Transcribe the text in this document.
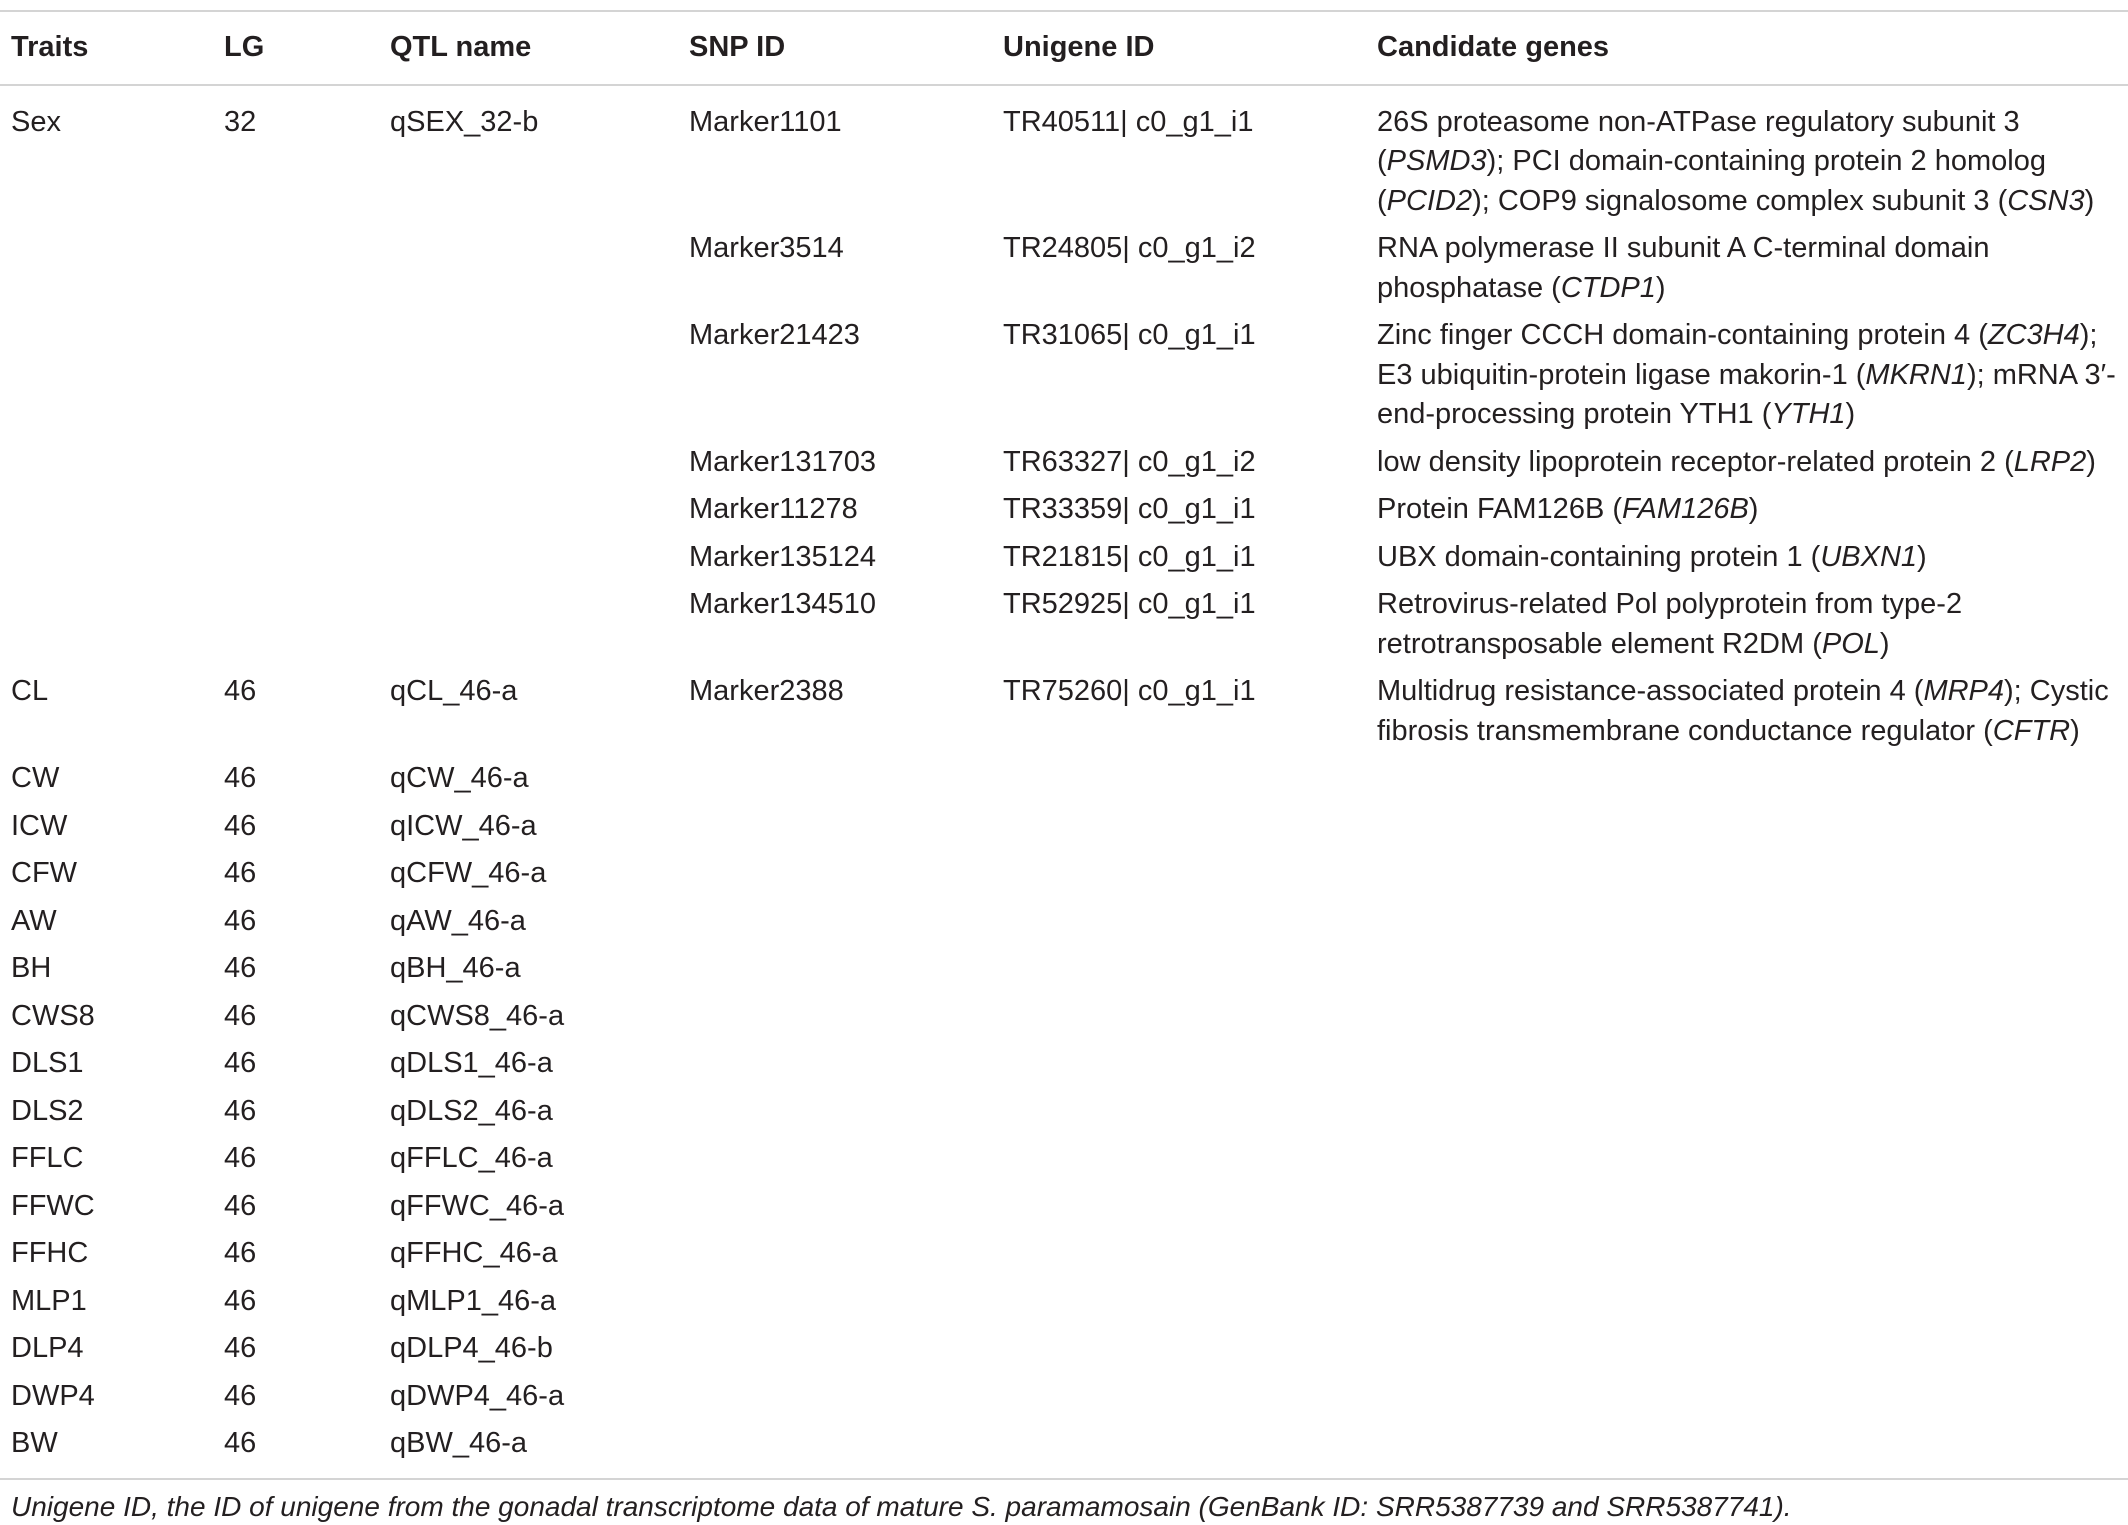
Traits	LG	QTL name	SNP ID	Unigene ID	Candidate genes
Sex	32	qSEX_32-b	Marker1101	TR40511| c0_g1_i1	26S proteasome non-ATPase regulatory subunit 3 (PSMD3); PCI domain-containing protein 2 homolog (PCID2); COP9 signalosome complex subunit 3 (CSN3)
			Marker3514	TR24805| c0_g1_i2	RNA polymerase II subunit A C-terminal domain phosphatase (CTDP1)
			Marker21423	TR31065| c0_g1_i1	Zinc finger CCCH domain-containing protein 4 (ZC3H4); E3 ubiquitin-protein ligase makorin-1 (MKRN1); mRNA 3′-end-processing protein YTH1 (YTH1)
			Marker131703	TR63327| c0_g1_i2	low density lipoprotein receptor-related protein 2 (LRP2)
			Marker11278	TR33359| c0_g1_i1	Protein FAM126B (FAM126B)
			Marker135124	TR21815| c0_g1_i1	UBX domain-containing protein 1 (UBXN1)
			Marker134510	TR52925| c0_g1_i1	Retrovirus-related Pol polyprotein from type-2 retrotransposable element R2DM (POL)
CL	46	qCL_46-a	Marker2388	TR75260| c0_g1_i1	Multidrug resistance-associated protein 4 (MRP4); Cystic fibrosis transmembrane conductance regulator (CFTR)
CW	46	qCW_46-a			
ICW	46	qICW_46-a			
CFW	46	qCFW_46-a			
AW	46	qAW_46-a			
BH	46	qBH_46-a			
CWS8	46	qCWS8_46-a			
DLS1	46	qDLS1_46-a			
DLS2	46	qDLS2_46-a			
FFLC	46	qFFLC_46-a			
FFWC	46	qFFWC_46-a			
FFHC	46	qFFHC_46-a			
MLP1	46	qMLP1_46-a			
DLP4	46	qDLP4_46-b			
DWP4	46	qDWP4_46-a			
BW	46	qBW_46-a			
Unigene ID, the ID of unigene from the gonadal transcriptome data of mature S. paramamosain (GenBank ID: SRR5387739 and SRR5387741).
